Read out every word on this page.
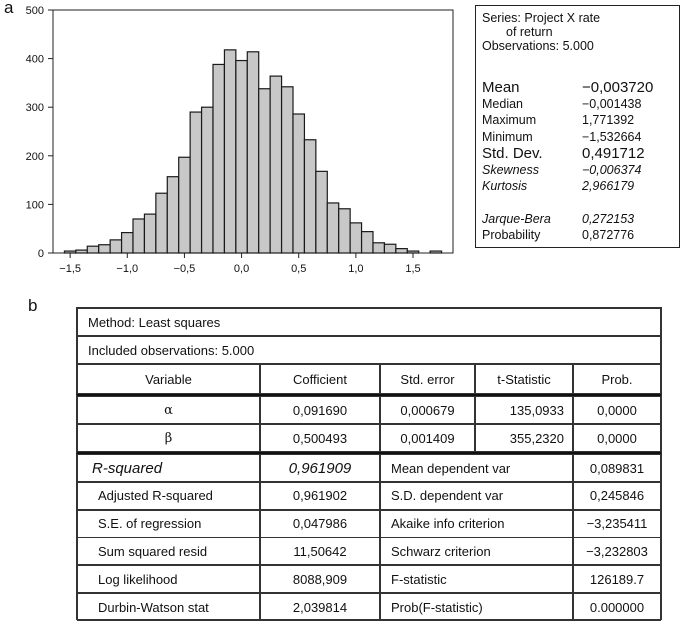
a
b
0
100
200
300
400
500
−1,5	−1,0	−0,5	0,0	0,5	1,0	1,5
Series: Project X rate
of return
Observations: 5.000
Mean	−0,003720
Median	−0,001438
Maximum	1,771392
Minimum	−1,532664
Std. Dev.	0,491712
Skewness	−0,006374
Kurtosis	2,966179
Jarque-Bera 0,272153
Probability	0,872776
Method: Least squares
Included observations: 5.000
Variable	Cofficient	Std. error	t-Statistic	Prob.
α	0,091690	0,000679	135,0933	0,0000
β	0,500493	0,001409	355,2320	0,0000
R-squared	0,961909	Mean dependent var	0,089831
Adjusted R-squared	0,961902	S.D. dependent var	0,245846
S.E. of regression	0,047986	Akaike info criterion	−3,235411
Sum squared resid	11,50642	Schwarz criterion	−3,232803
Log likelihood	8088,909	F-statistic	126189.7
Durbin-Watson stat	2,039814	Prob(F-statistic)	0.000000
